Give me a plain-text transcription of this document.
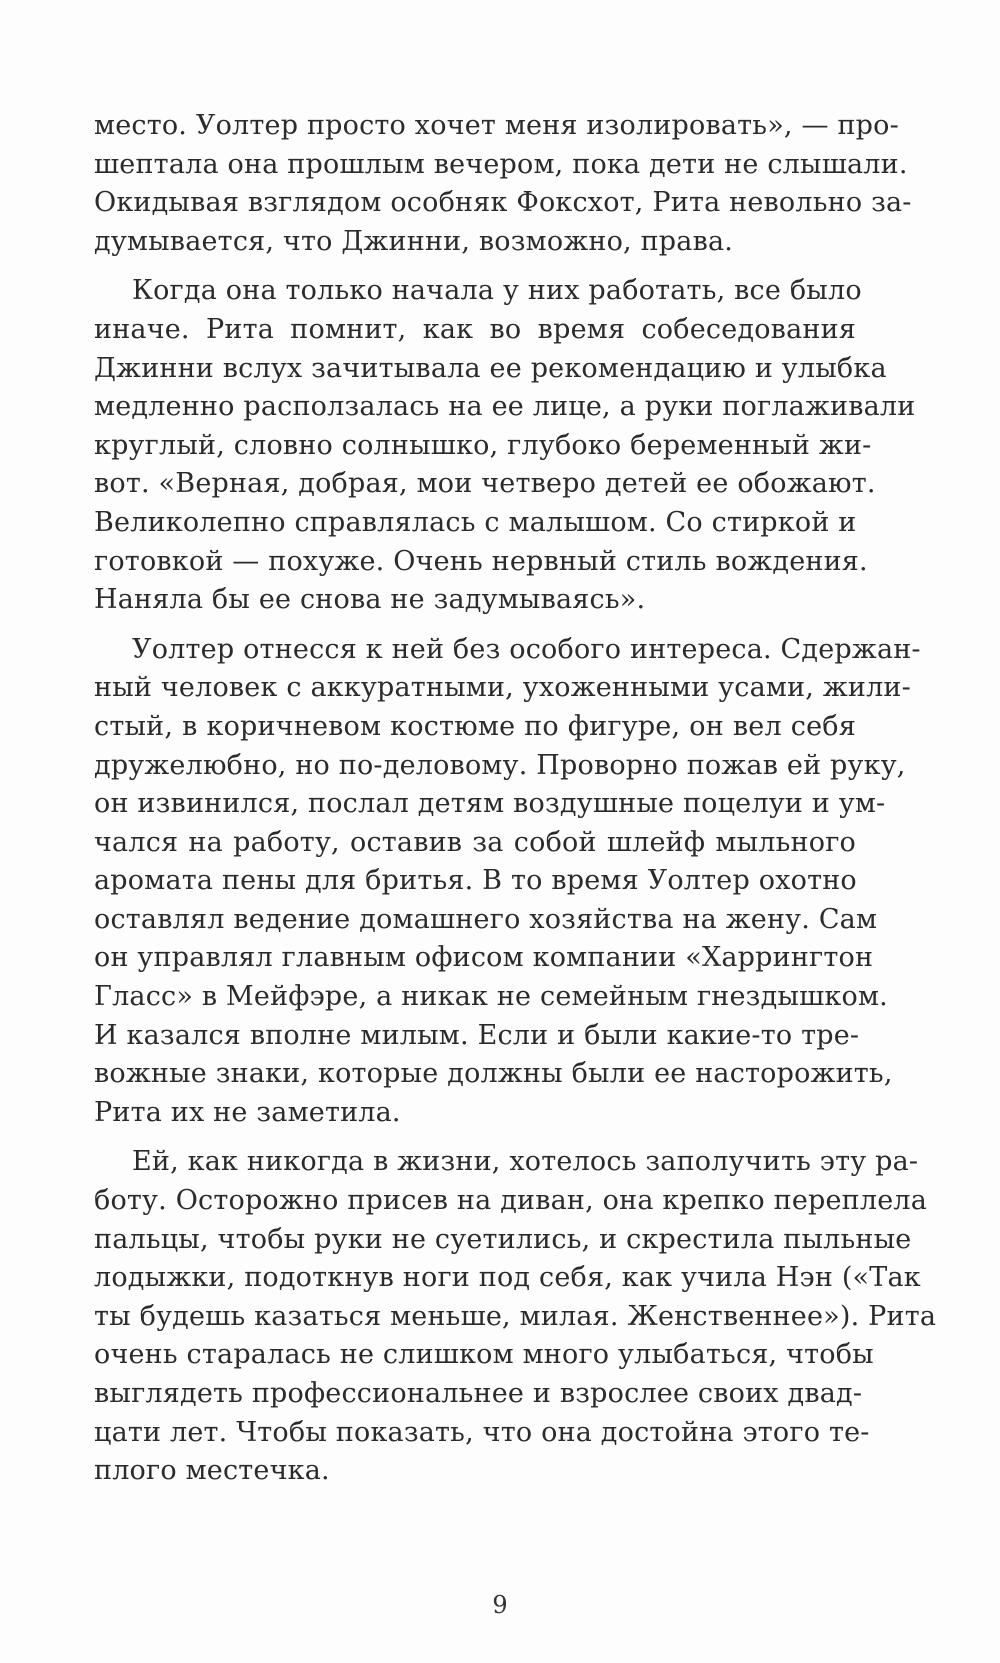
место. Уолтер просто хочет меня изолировать», — про-
шептала она прошлым вечером, пока дети не слышали.
Окидывая взглядом особняк Фоксхот, Рита невольно за-
думывается, что Джинни, возможно, права.
Когда она только начала у них работать, все было
иначе. Рита помнит, как во время собеседования
Джинни вслух зачитывала ее рекомендацию и улыбка
медленно расползалась на ее лице, а руки поглаживали
круглый, словно солнышко, глубоко беременный жи-
вот. «Верная, добрая, мои четверо детей ее обожают.
Великолепно справлялась с малышом. Со стиркой и
готовкой — похуже. Очень нервный стиль вождения.
Наняла бы ее снова не задумываясь».
Уолтер отнесся к ней без особого интереса. Сдержан-
ный человек с аккуратными, ухоженными усами, жили-
стый, в коричневом костюме по фигуре, он вел себя
дружелюбно, но по-деловому. Проворно пожав ей руку,
он извинился, послал детям воздушные поцелуи и ум-
чался на работу, оставив за собой шлейф мыльного
аромата пены для бритья. В то время Уолтер охотно
оставлял ведение домашнего хозяйства на жену. Сам
он управлял главным офисом компании «Харрингтон
Гласс» в Мейфэре, а никак не семейным гнездышком.
И казался вполне милым. Если и были какие-то тре-
вожные знаки, которые должны были ее насторожить,
Рита их не заметила.
Ей, как никогда в жизни, хотелось заполучить эту ра-
боту. Осторожно присев на диван, она крепко переплела
пальцы, чтобы руки не суетились, и скрестила пыльные
лодыжки, подоткнув ноги под себя, как учила Нэн («Так
ты будешь казаться меньше, милая. Женственнее»). Рита
очень старалась не слишком много улыбаться, чтобы
выглядеть профессиональнее и взрослее своих двад-
цати лет. Чтобы показать, что она достойна этого те-
плого местечка.
9
